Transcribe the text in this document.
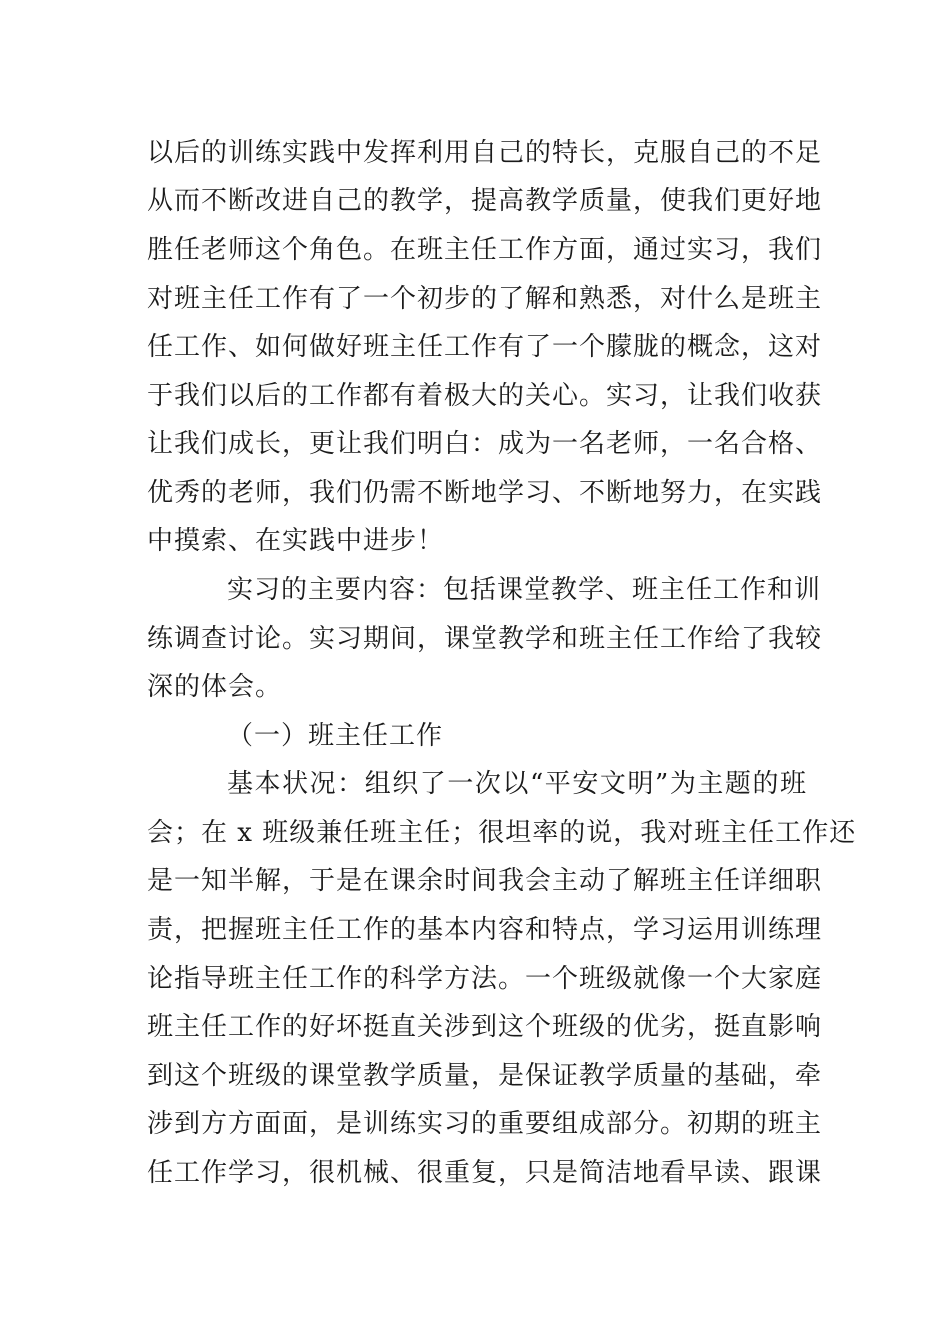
以后的训练实践中发挥利用自己的特长，克服自己的不足
从而不断改进自己的教学，提高教学质量，使我们更好地
胜任老师这个角色。在班主任工作方面，通过实习，我们
对班主任工作有了一个初步的了解和熟悉，对什么是班主
任工作、如何做好班主任工作有了一个朦胧的概念，这对
于我们以后的工作都有着极大的关心。实习，让我们收获
让我们成长，更让我们明白：成为一名老师，一名合格、
优秀的老师，我们仍需不断地学习、不断地努力，在实践
中摸索、在实践中进步！
实习的主要内容：包括课堂教学、班主任工作和训
练调查讨论。实习期间，课堂教学和班主任工作给了我较
深的体会。
（一）班主任工作
基本状况：组织了一次以“平安文明”为主题的班
会；在 x 班级兼任班主任；很坦率的说，我对班主任工作还
是一知半解，于是在课余时间我会主动了解班主任详细职
责，把握班主任工作的基本内容和特点，学习运用训练理
论指导班主任工作的科学方法。一个班级就像一个大家庭
班主任工作的好坏挺直关涉到这个班级的优劣，挺直影响
到这个班级的课堂教学质量，是保证教学质量的基础，牵
涉到方方面面，是训练实习的重要组成部分。初期的班主
任工作学习，很机械、很重复，只是简洁地看早读、跟课
